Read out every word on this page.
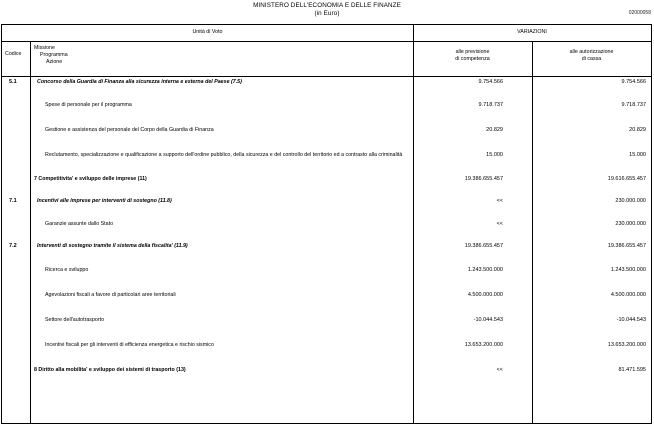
MINISTERO DELL'ECONOMIA E DELLE FINANZE
(in Euro)	02000058
Unità di Voto	VARIAZIONI
Codice
Missione
Programma
Azione
alle previsione
di competenza
alle autorizzazione
di cassa
5.1	Concorso della Guardia di Finanza alla sicurezza interna e esterna del Paese (7.5)	9.754.566	9.754.566
Spese di personale per il programma	9.718.737	9.718.737
Gestione e assistenza del personale del Corpo della Guardia di Finanza	20.829	20.829
Reclutamento, specializzazione e qualificazione a supporto dell'ordine pubblico, della sicurezza e del controllo del territorio ed a contrasto alla criminalità	15.000	15.000
7 Competitivita' e sviluppo delle imprese (11)	19.386.655.457	19.616.655.457
7.1	Incentivi alle imprese per interventi di sostegno (11.8)	<<	230.000.000
Garanzie assunte dallo Stato	<<	230.000.000
7.2	Interventi di sostegno tramite il sistema della fiscalita' (11.9)	19.386.655.457	19.386.655.457
Ricerca e sviluppo	1.243.500.000	1.243.500.000
Agevolazioni fiscali a favore di particolari aree territoriali	4.500.000.000	4.500.000.000
Settore dell'autotrasporto	-10.044.543	-10.044.543
Incentivi fiscali per gli interventi di efficienza energetica e rischio sismico	13.653.200.000	13.653.200.000
8 Diritto alla mobilita' e sviluppo dei sistemi di trasporto (13)	<<	81.471.595
